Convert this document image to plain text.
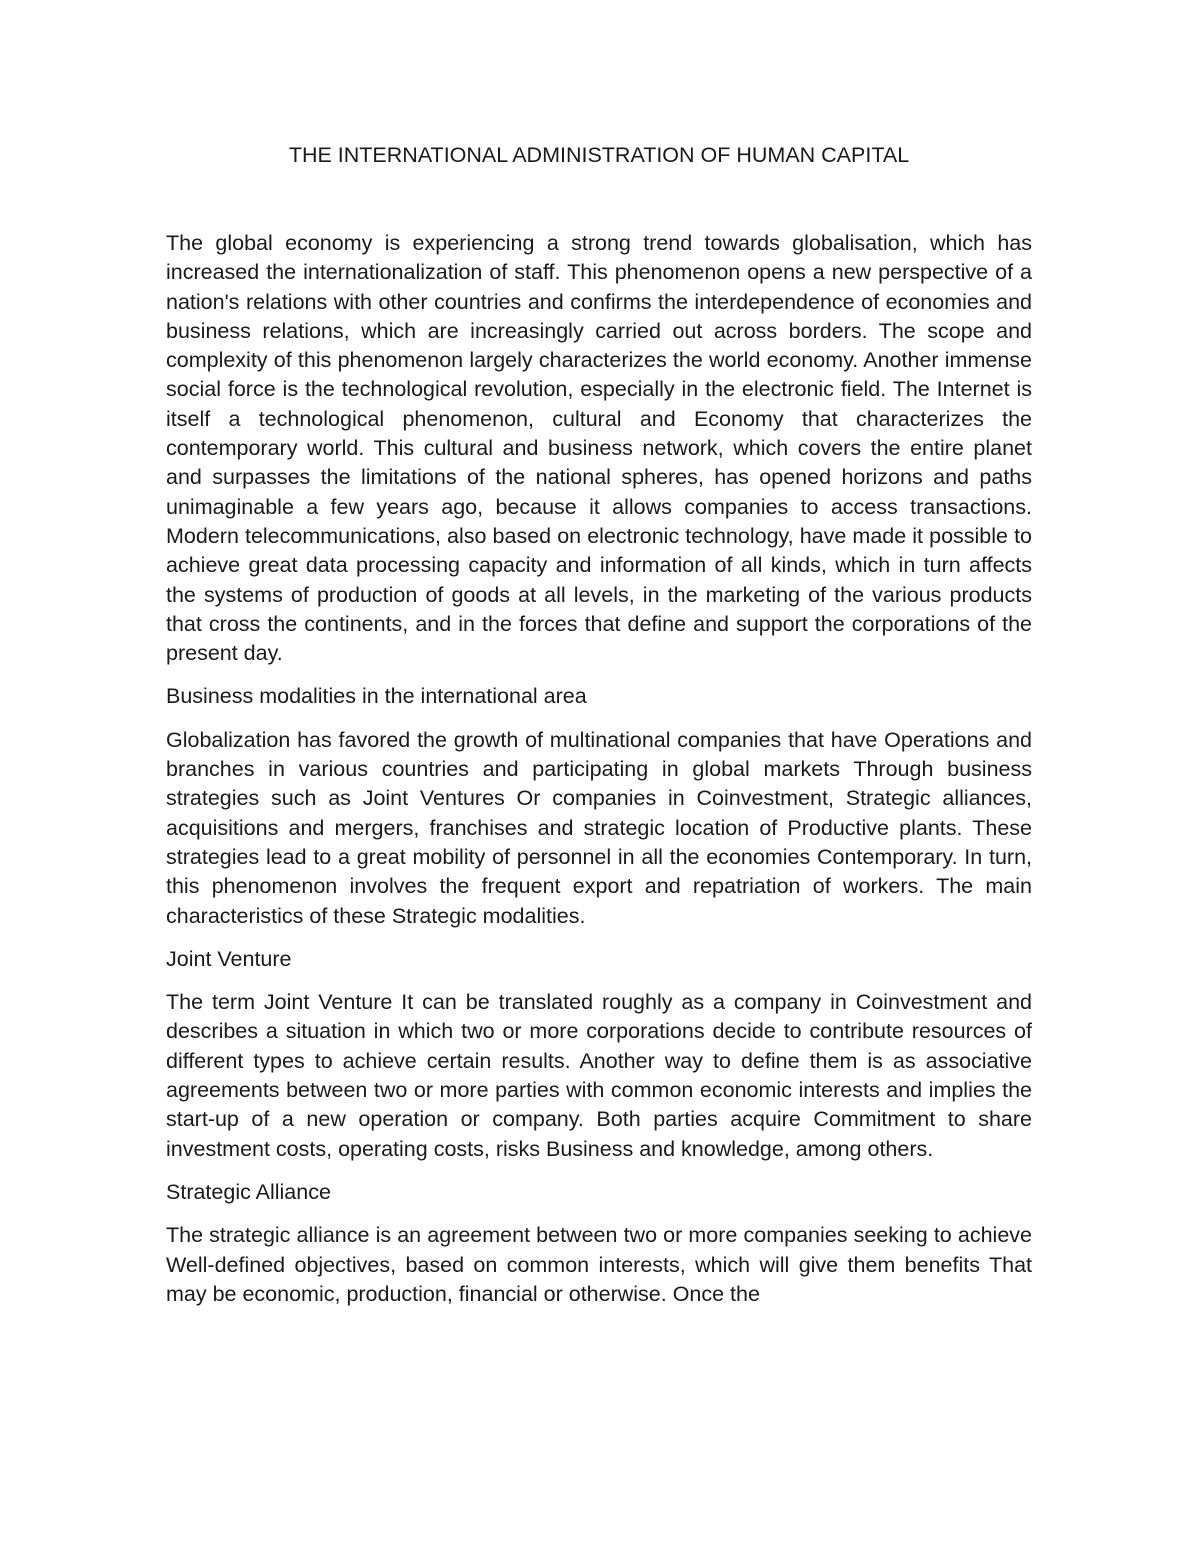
THE INTERNATIONAL ADMINISTRATION OF HUMAN CAPITAL

The global economy is experiencing a strong trend towards globalisation, which has increased the internationalization of staff. This phenomenon opens a new perspective of a nation's relations with other countries and confirms the interdependence of economies and business relations, which are increasingly carried out across borders. The scope and complexity of this phenomenon largely characterizes the world economy. Another immense social force is the technological revolution, especially in the electronic field. The Internet is itself a technological phenomenon, cultural and Economy that characterizes the contemporary world. This cultural and business network, which covers the entire planet and surpasses the limitations of the national spheres, has opened horizons and paths unimaginable a few years ago, because it allows companies to access transactions. Modern telecommunications, also based on electronic technology, have made it possible to achieve great data processing capacity and information of all kinds, which in turn affects the systems of production of goods at all levels, in the marketing of the various products that cross the continents, and in the forces that define and support the corporations of the present day.

Business modalities in the international area

Globalization has favored the growth of multinational companies that have Operations and branches in various countries and participating in global markets Through business strategies such as Joint Ventures Or companies in Coinvestment, Strategic alliances, acquisitions and mergers, franchises and strategic location of Productive plants. These strategies lead to a great mobility of personnel in all the economies Contemporary. In turn, this phenomenon involves the frequent export and repatriation of workers. The main characteristics of these Strategic modalities.

Joint Venture

The term Joint Venture It can be translated roughly as a company in Coinvestment and describes a situation in which two or more corporations decide to contribute resources of different types to achieve certain results. Another way to define them is as associative agreements between two or more parties with common economic interests and implies the start-up of a new operation or company. Both parties acquire Commitment to share investment costs, operating costs, risks Business and knowledge, among others.

Strategic Alliance

The strategic alliance is an agreement between two or more companies seeking to achieve Well-defined objectives, based on common interests, which will give them benefits That may be economic, production, financial or otherwise. Once the
